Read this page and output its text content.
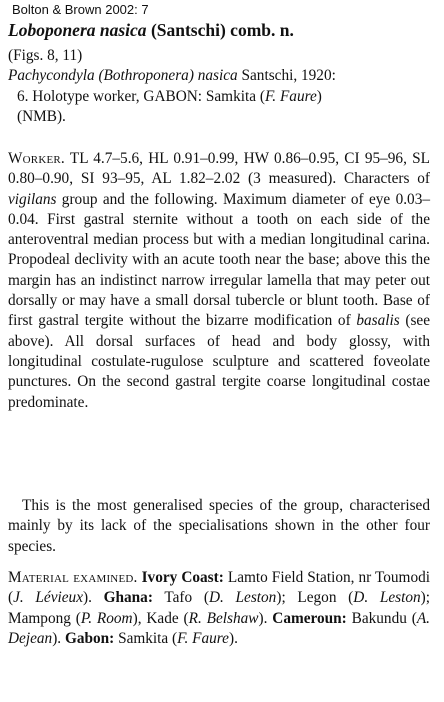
Bolton & Brown 2002: 7
Loboponera nasica (Santschi) comb. n.
(Figs. 8, 11)
Pachycondyla (Bothroponera) nasica Santschi, 1920:
6. Holotype worker, GABON: Samkita (F. Faure)
(NMB).
Worker. TL 4.7–5.6, HL 0.91–0.99, HW 0.86–0.95, CI 95–96, SL 0.80–0.90, SI 93–95, AL 1.82–2.02 (3 measured). Characters of vigilans group and the following. Maximum diameter of eye 0.03–0.04. First gastral sternite without a tooth on each side of the anteroventral median process but with a median longitudinal carina. Propodeal declivity with an acute tooth near the base; above this the margin has an indistinct narrow irregular lamella that may peter out dorsally or may have a small dorsal tubercle or blunt tooth. Base of first gastral tergite without the bizarre modification of basalis (see above). All dorsal surfaces of head and body glossy, with longitudinal costulate-rugulose sculpture and scattered foveolate punctures. On the second gastral tergite coarse longitudinal costae predominate.
This is the most generalised species of the group, characterised mainly by its lack of the specialisations shown in the other four species.
Material examined. Ivory Coast: Lamto Field Station, nr Toumodi (J. Lévieux). Ghana: Tafo (D. Leston); Legon (D. Leston); Mampong (P. Room), Kade (R. Belshaw). Cameroun: Bakundu (A. Dejean). Gabon: Samkita (F. Faure).
